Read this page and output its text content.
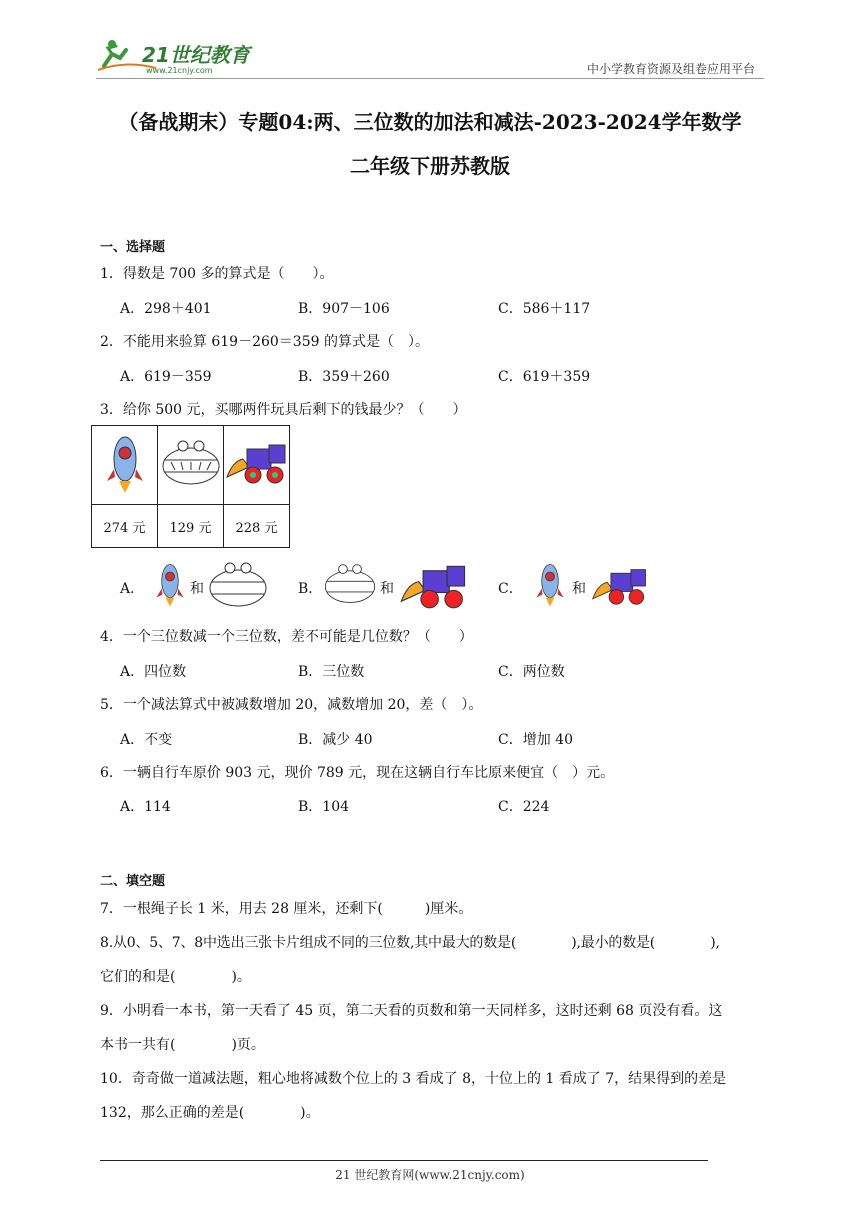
21世纪教育
www.21cnjy.com	中小学教育资源及组卷应用平台
（备战期末）专题04:两、三位数的加法和减法-2023-2024学年数学
二年级下册苏教版
一、选择题
1．得数是 700 多的算式是（　　）。
A．298＋401	B．907－106	C．586＋117
2．不能用来验算 619－260＝359 的算式是（　）。
A．619－359	B．359＋260	C．619＋359
3．给你 500 元，买哪两件玩具后剩下的钱最少？（　　）

274 元	129 元	228 元
A．	和	B．	和	C．	和
4．一个三位数减一个三位数，差不可能是几位数？（　　）
A．四位数	B．三位数	C．两位数
5．一个减法算式中被减数增加 20，减数增加 20，差（　）。
A．不变	B．减少 40	C．增加 40
6．一辆自行车原价 903 元，现价 789 元，现在这辆自行车比原来便宜（　）元。
A．114	B．104	C．224
二、填空题
7．一根绳子长 1 米，用去 28 厘米，还剩下(　　　)厘米。
8.从0、5、7、8中选出三张卡片组成不同的三位数,其中最大的数是(　　　　),最小的数是(　　　　),
它们的和是(　　　　)。
9．小明看一本书，第一天看了 45 页，第二天看的页数和第一天同样多，这时还剩 68 页没有看。这
本书一共有(　　　　)页。
10．奇奇做一道减法题，粗心地将减数个位上的 3 看成了 8，十位上的 1 看成了 7，结果得到的差是
132，那么正确的差是(　　　　)。
21 世纪教育网(www.21cnjy.com)
